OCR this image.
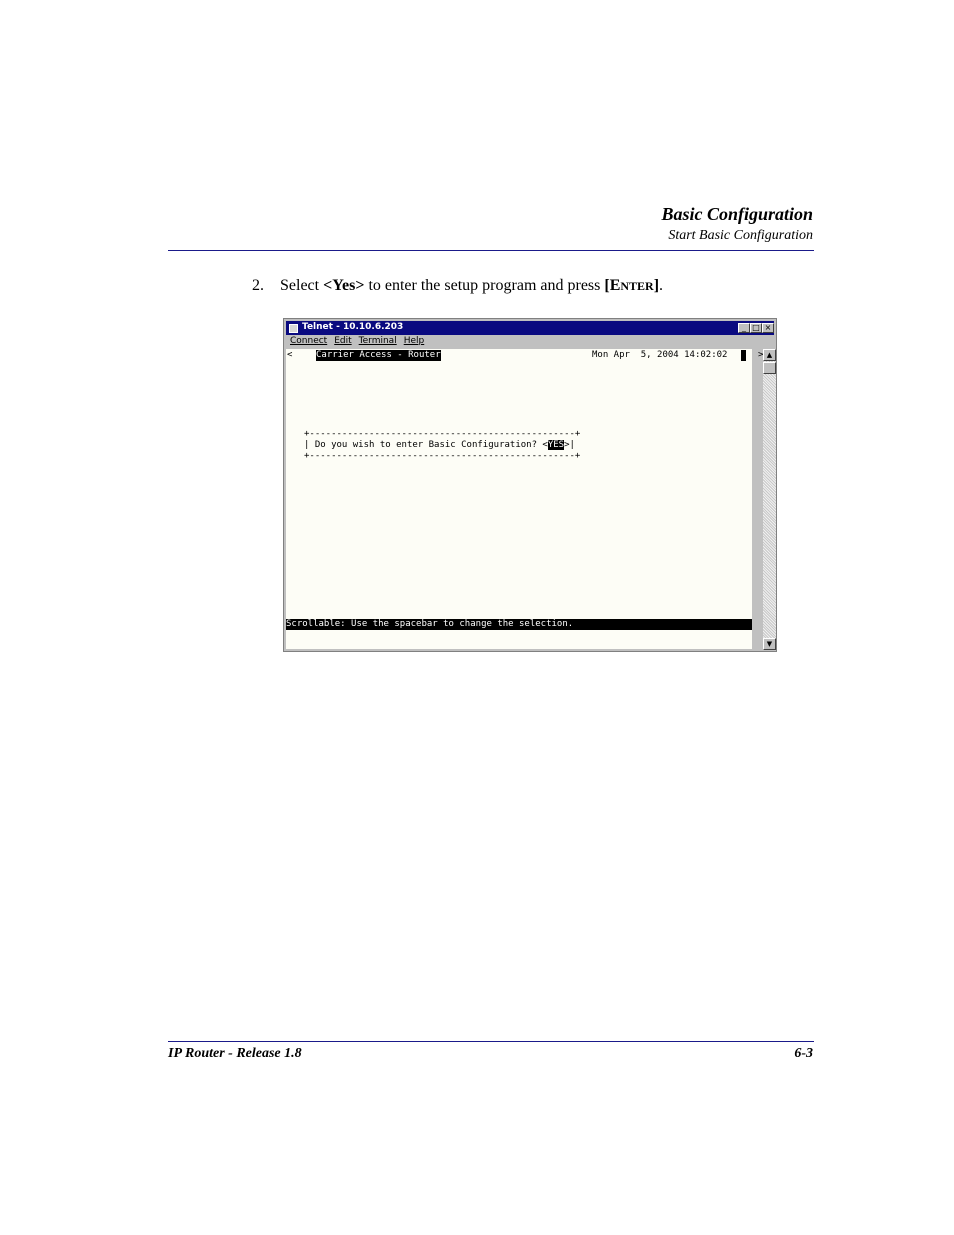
Basic Configuration
Start Basic Configuration
2. Select <Yes> to enter the setup program and press [ENTER].
Telnet - 10.10.6.203	_ □ ×
Connect Edit Terminal Help
<	Carrier Access - Router	Mon Apr  5, 2004 14:02:02
	>
+-------------------------------------------------+
| Do you wish to enter Basic Configuration? <YES>|
+-------------------------------------------------+
Scrollable: Use the spacebar to change the selection.
▲
▼
IP Router - Release 1.8	6-3
